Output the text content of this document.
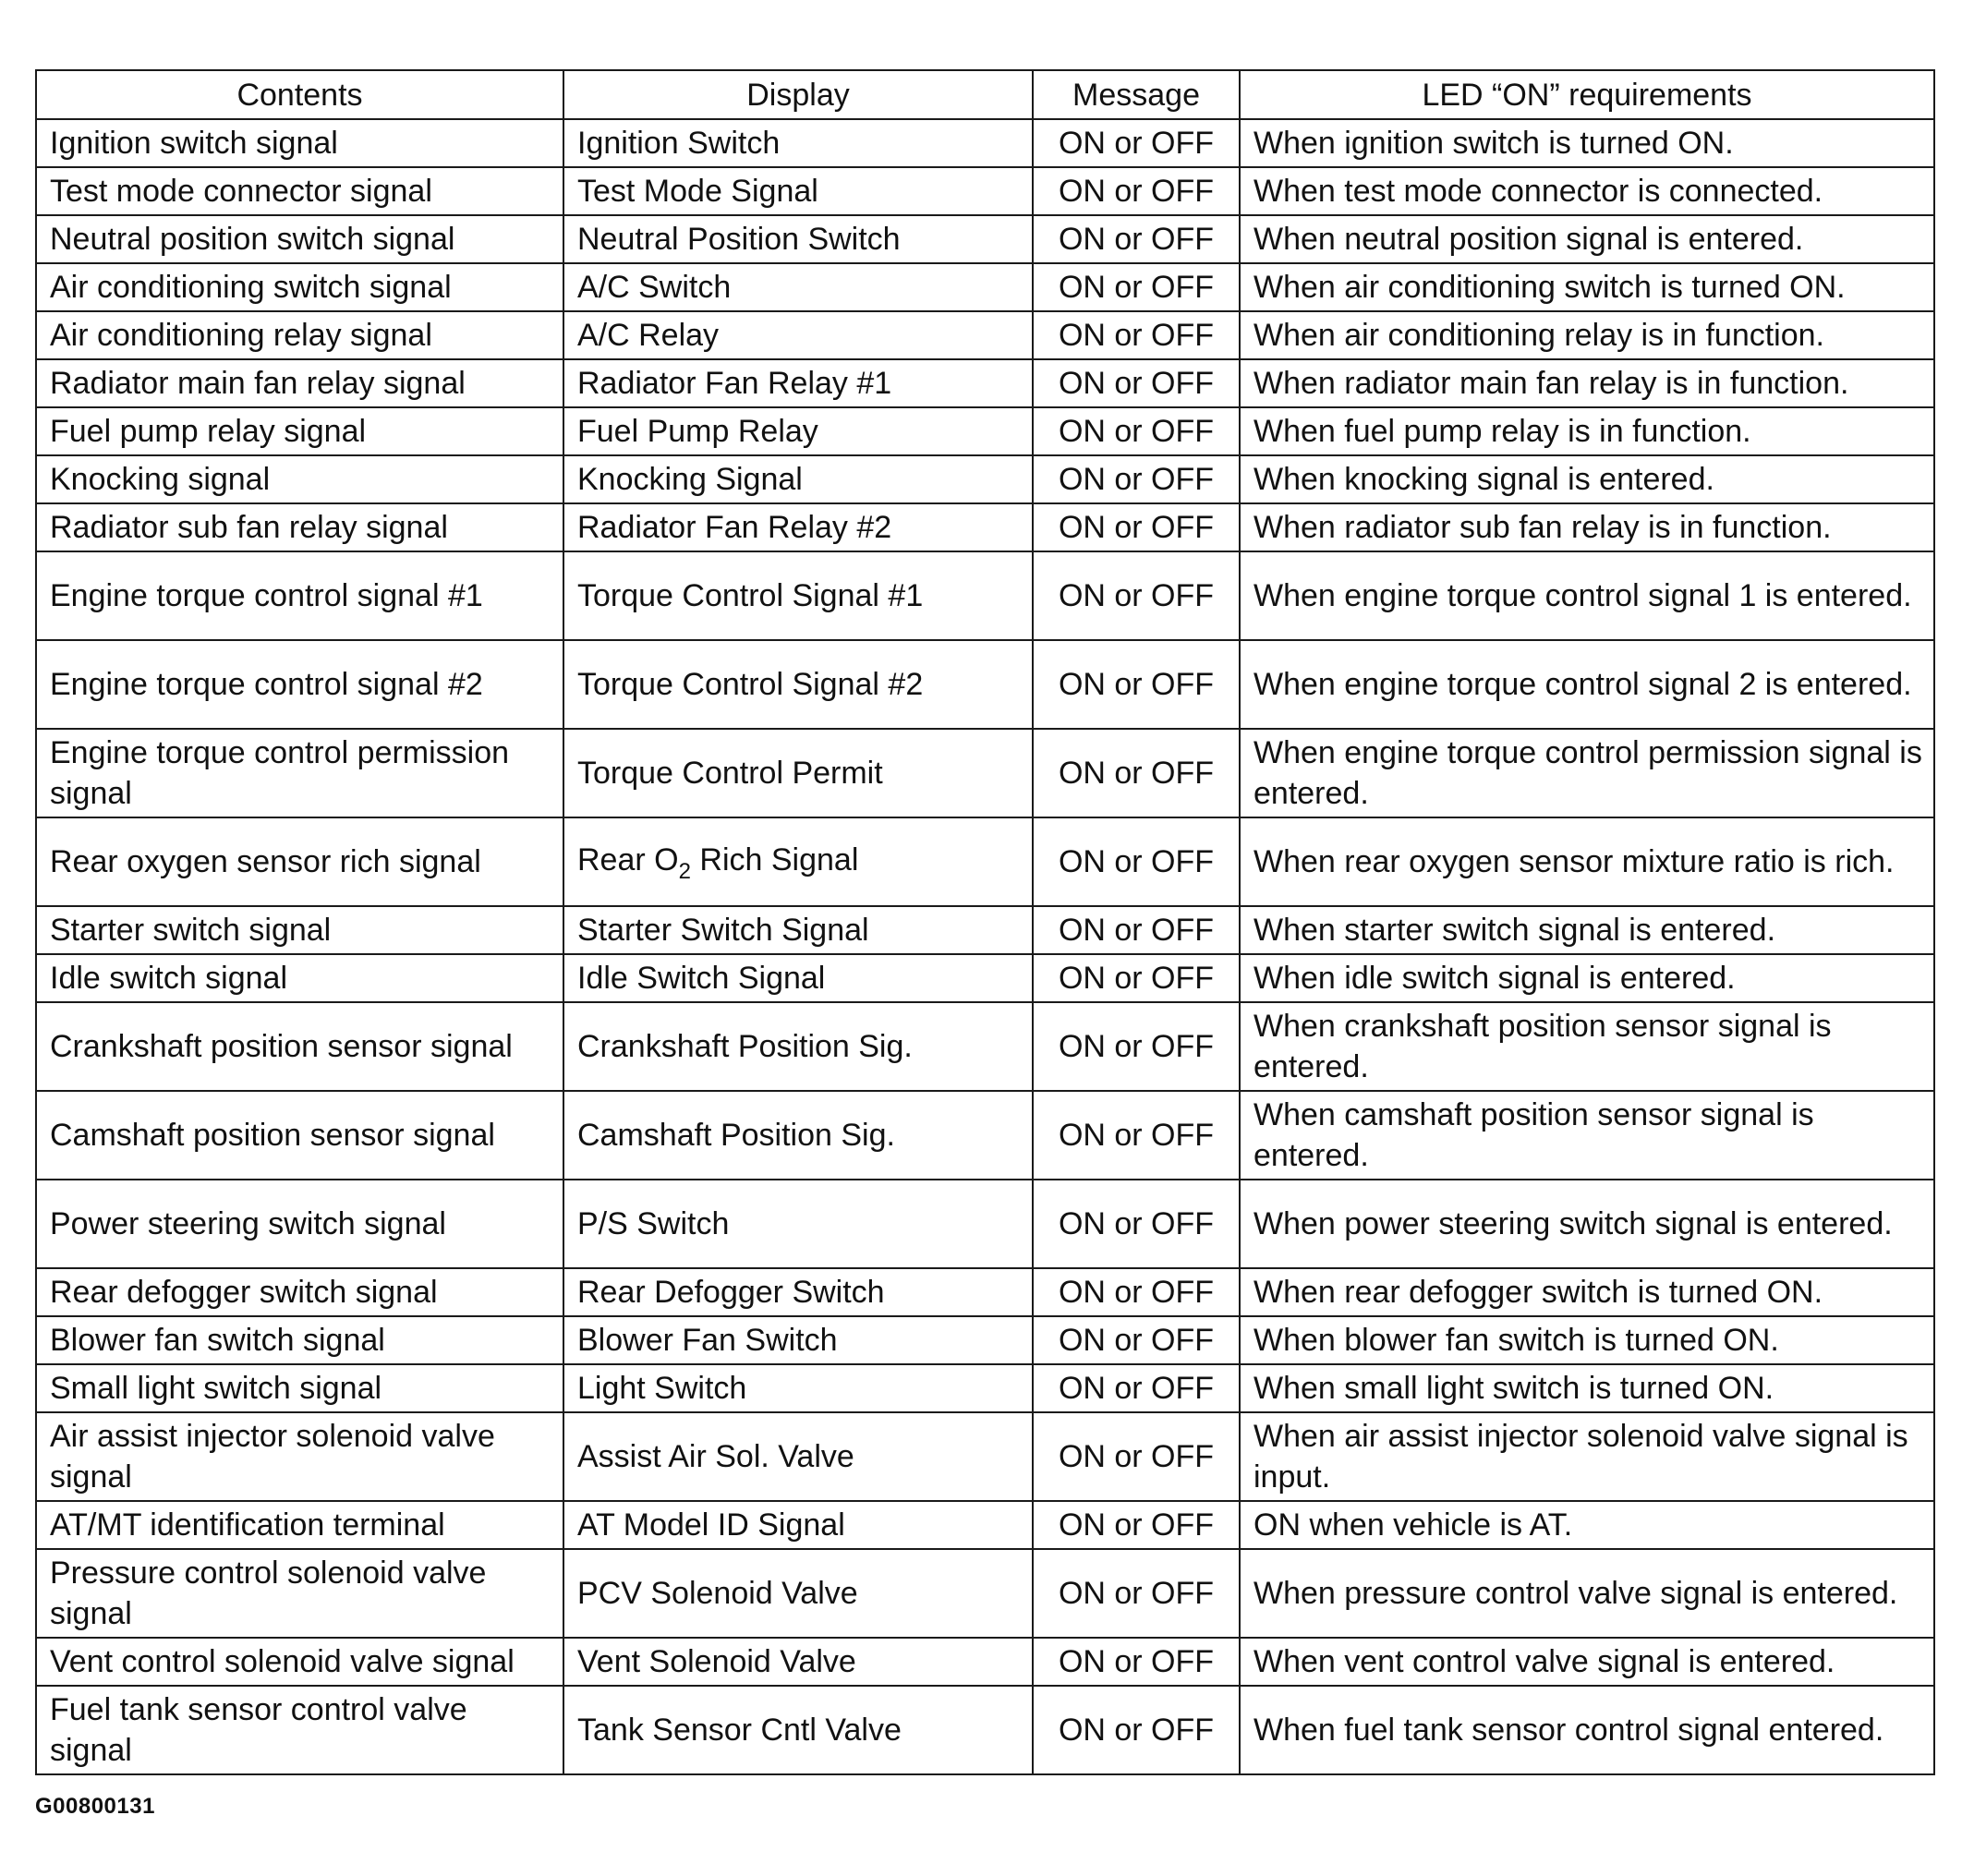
Contents	Display	Message	LED “ON” requirements
Ignition switch signal	Ignition Switch	ON or OFF	When ignition switch is turned ON.
Test mode connector signal	Test Mode Signal	ON or OFF	When test mode connector is connected.
Neutral position switch signal	Neutral Position Switch	ON or OFF	When neutral position signal is entered.
Air conditioning switch signal	A/C Switch	ON or OFF	When air conditioning switch is turned ON.
Air conditioning relay signal	A/C Relay	ON or OFF	When air conditioning relay is in function.
Radiator main fan relay signal	Radiator Fan Relay #1	ON or OFF	When radiator main fan relay is in function.
Fuel pump relay signal	Fuel Pump Relay	ON or OFF	When fuel pump relay is in function.
Knocking signal	Knocking Signal	ON or OFF	When knocking signal is entered.
Radiator sub fan relay signal	Radiator Fan Relay #2	ON or OFF	When radiator sub fan relay is in function.
Engine torque control signal #1	Torque Control Signal #1	ON or OFF	When engine torque control signal 1 is entered.
Engine torque control signal #2	Torque Control Signal #2	ON or OFF	When engine torque control signal 2 is entered.
Engine torque control permission signal	Torque Control Permit	ON or OFF	When engine torque control permission signal is entered.
Rear oxygen sensor rich signal	Rear $O_2$ Rich Signal	ON or OFF	When rear oxygen sensor mixture ratio is rich.
Starter switch signal	Starter Switch Signal	ON or OFF	When starter switch signal is entered.
Idle switch signal	Idle Switch Signal	ON or OFF	When idle switch signal is entered.
Crankshaft position sensor signal	Crankshaft Position Sig.	ON or OFF	When crankshaft position sensor signal is entered.
Camshaft position sensor signal	Camshaft Position Sig.	ON or OFF	When camshaft position sensor signal is entered.
Power steering switch signal	P/S Switch	ON or OFF	When power steering switch signal is entered.
Rear defogger switch signal	Rear Defogger Switch	ON or OFF	When rear defogger switch is turned ON.
Blower fan switch signal	Blower Fan Switch	ON or OFF	When blower fan switch is turned ON.
Small light switch signal	Light Switch	ON or OFF	When small light switch is turned ON.
Air assist injector solenoid valve signal	Assist Air Sol. Valve	ON or OFF	When air assist injector solenoid valve signal is input.
AT/MT identification terminal	AT Model ID Signal	ON or OFF	ON when vehicle is AT.
Pressure control solenoid valve signal	PCV Solenoid Valve	ON or OFF	When pressure control valve signal is entered.
Vent control solenoid valve signal	Vent Solenoid Valve	ON or OFF	When vent control valve signal is entered.
Fuel tank sensor control valve signal	Tank Sensor Cntl Valve	ON or OFF	When fuel tank sensor control signal entered.
G00800131
